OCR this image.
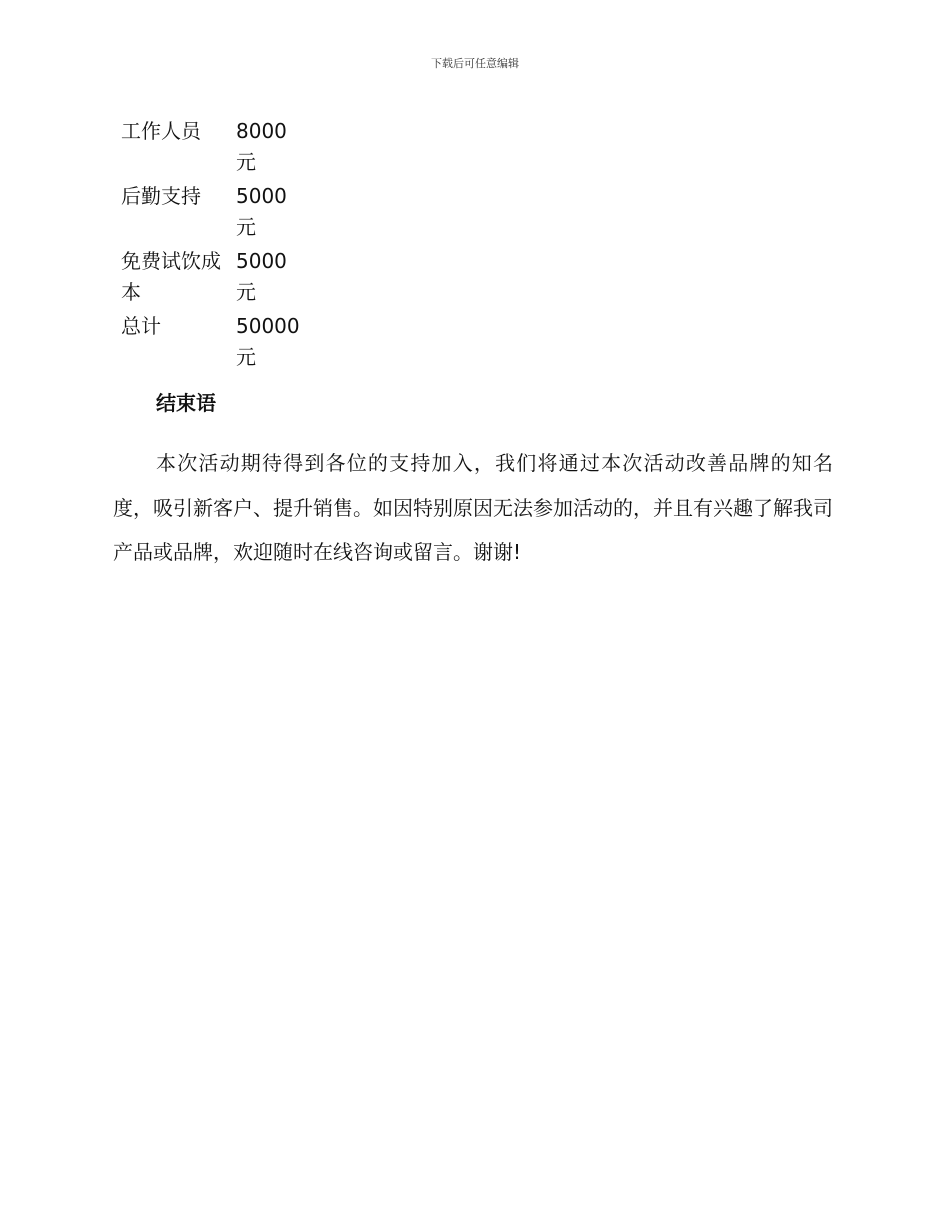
下载后可任意编辑
工作人员	8000元
后勤支持	5000元
免费试饮成本	5000元
总计	50000元
结束语

本次活动期待得到各位的支持加入，我们将通过本次活动改善品牌的知名度，吸引新客户、提升销售。如因特别原因无法参加活动的，并且有兴趣了解我司产品或品牌，欢迎随时在线咨询或留言。谢谢!
